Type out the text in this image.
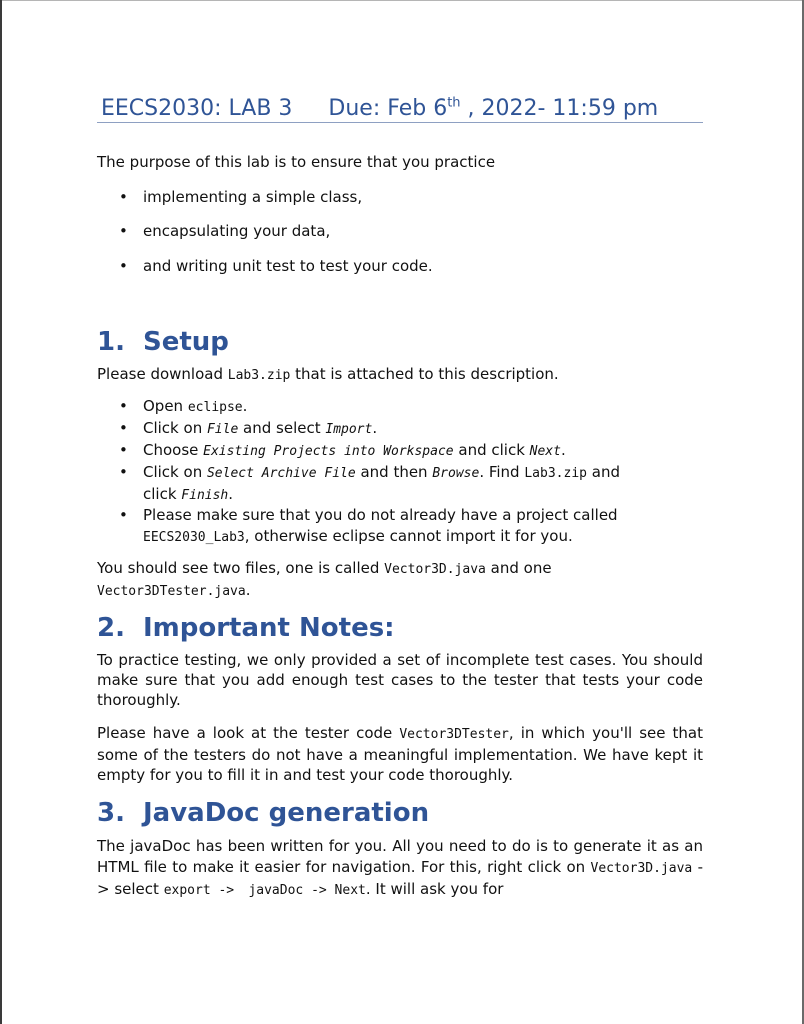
EECS2030: LAB 3 Due: Feb 6th , 2022- 11:59 pm
The purpose of this lab is to ensure that you practice
• implementing a simple class,
• encapsulating your data,
• and writing unit test to test your code.
1. Setup
Please download Lab3.zip that is attached to this description.
• Open eclipse.
• Click on File and select Import.
• Choose Existing Projects into Workspace and click Next.
• Click on Select Archive File and then Browse. Find Lab3.zip and
click Finish.
• Please make sure that you do not already have a project called
EECS2030_Lab3, otherwise eclipse cannot import it for you.
You should see two files, one is called Vector3D.java and one
Vector3DTester.java.
2. Important Notes:
To practice testing, we only provided a set of incomplete test cases. You should make sure that you add enough test cases to the tester that tests your code thoroughly.
Please have a look at the tester code Vector3DTester, in which you'll see that some of the testers do not have a meaningful implementation. We have kept it empty for you to fill it in and test your code thoroughly.
3. JavaDoc generation
The javaDoc has been written for you. All you need to do is to generate it as an HTML file to make it easier for navigation. For this, right click on Vector3D.java -> select export -> javaDoc -> Next. It will ask you for
